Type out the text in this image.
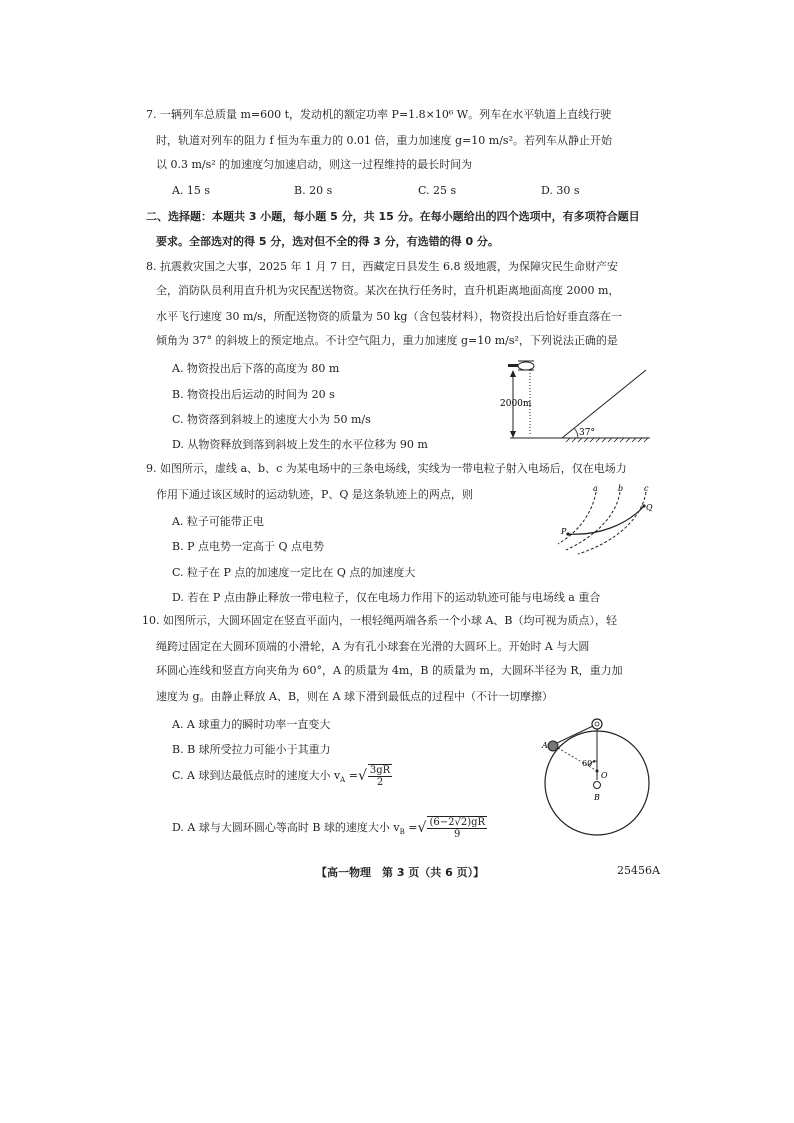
7. 一辆列车总质量 m=600 t，发动机的额定功率 P=1.8×10⁶ W。列车在水平轨道上直线行驶
时，轨道对列车的阻力 f 恒为车重力的 0.01 倍，重力加速度 g=10 m/s²。若列车从静止开始
以 0.3 m/s² 的加速度匀加速启动，则这一过程维持的最长时间为
A. 15 s	B. 20 s	C. 25 s	D. 30 s
二、选择题：本题共 3 小题，每小题 5 分，共 15 分。在每小题给出的四个选项中，有多项符合题目
要求。全部选对的得 5 分，选对但不全的得 3 分，有选错的得 0 分。
8. 抗震救灾国之大事，2025 年 1 月 7 日，西藏定日县发生 6.8 级地震，为保障灾民生命财产安
全，消防队员利用直升机为灾民配送物资。某次在执行任务时，直升机距离地面高度 2000 m，
水平飞行速度 30 m/s，所配送物资的质量为 50 kg（含包装材料），物资投出后恰好垂直落在一
倾角为 37° 的斜坡上的预定地点。不计空气阻力，重力加速度 g=10 m/s²，下列说法正确的是
A. 物资投出后下落的高度为 80 m
B. 物资投出后运动的时间为 20 s
C. 物资落到斜坡上的速度大小为 50 m/s
D. 从物资释放到落到斜坡上发生的水平位移为 90 m
2000m
37°
9. 如图所示，虚线 a、b、c 为某电场中的三条电场线，实线为一带电粒子射入电场后，仅在电场力
作用下通过该区域时的运动轨迹，P、Q 是这条轨迹上的两点，则
A. 粒子可能带正电
B. P 点电势一定高于 Q 点电势
C. 粒子在 P 点的加速度一定比在 Q 点的加速度大
D. 若在 P 点由静止释放一带电粒子，仅在电场力作用下的运动轨迹可能与电场线 a 重合
a	b	c
P
Q
10. 如图所示，大圆环固定在竖直平面内，一根轻绳两端各系一个小球 A、B（均可视为质点），轻
绳跨过固定在大圆环顶端的小滑轮，A 为有孔小球套在光滑的大圆环上。开始时 A 与大圆
环圆心连线和竖直方向夹角为 60°，A 的质量为 4m，B 的质量为 m，大圆环半径为 R，重力加
速度为 g。由静止释放 A、B，则在 A 球下滑到最低点的过程中（不计一切摩擦）
A. A 球重力的瞬时功率一直变大
B. B 球所受拉力可能小于其重力
C. A 球到达最低点时的速度大小 $v_A$ =√ $\frac{3gR}{2}$
D. A 球与大圆环圆心等高时 B 球的速度大小 $v_B$ =√ $\frac{(6-2√2)gR}{9}$
60°
A
O
B
【高一物理　第 3 页（共 6 页）】	25456A
